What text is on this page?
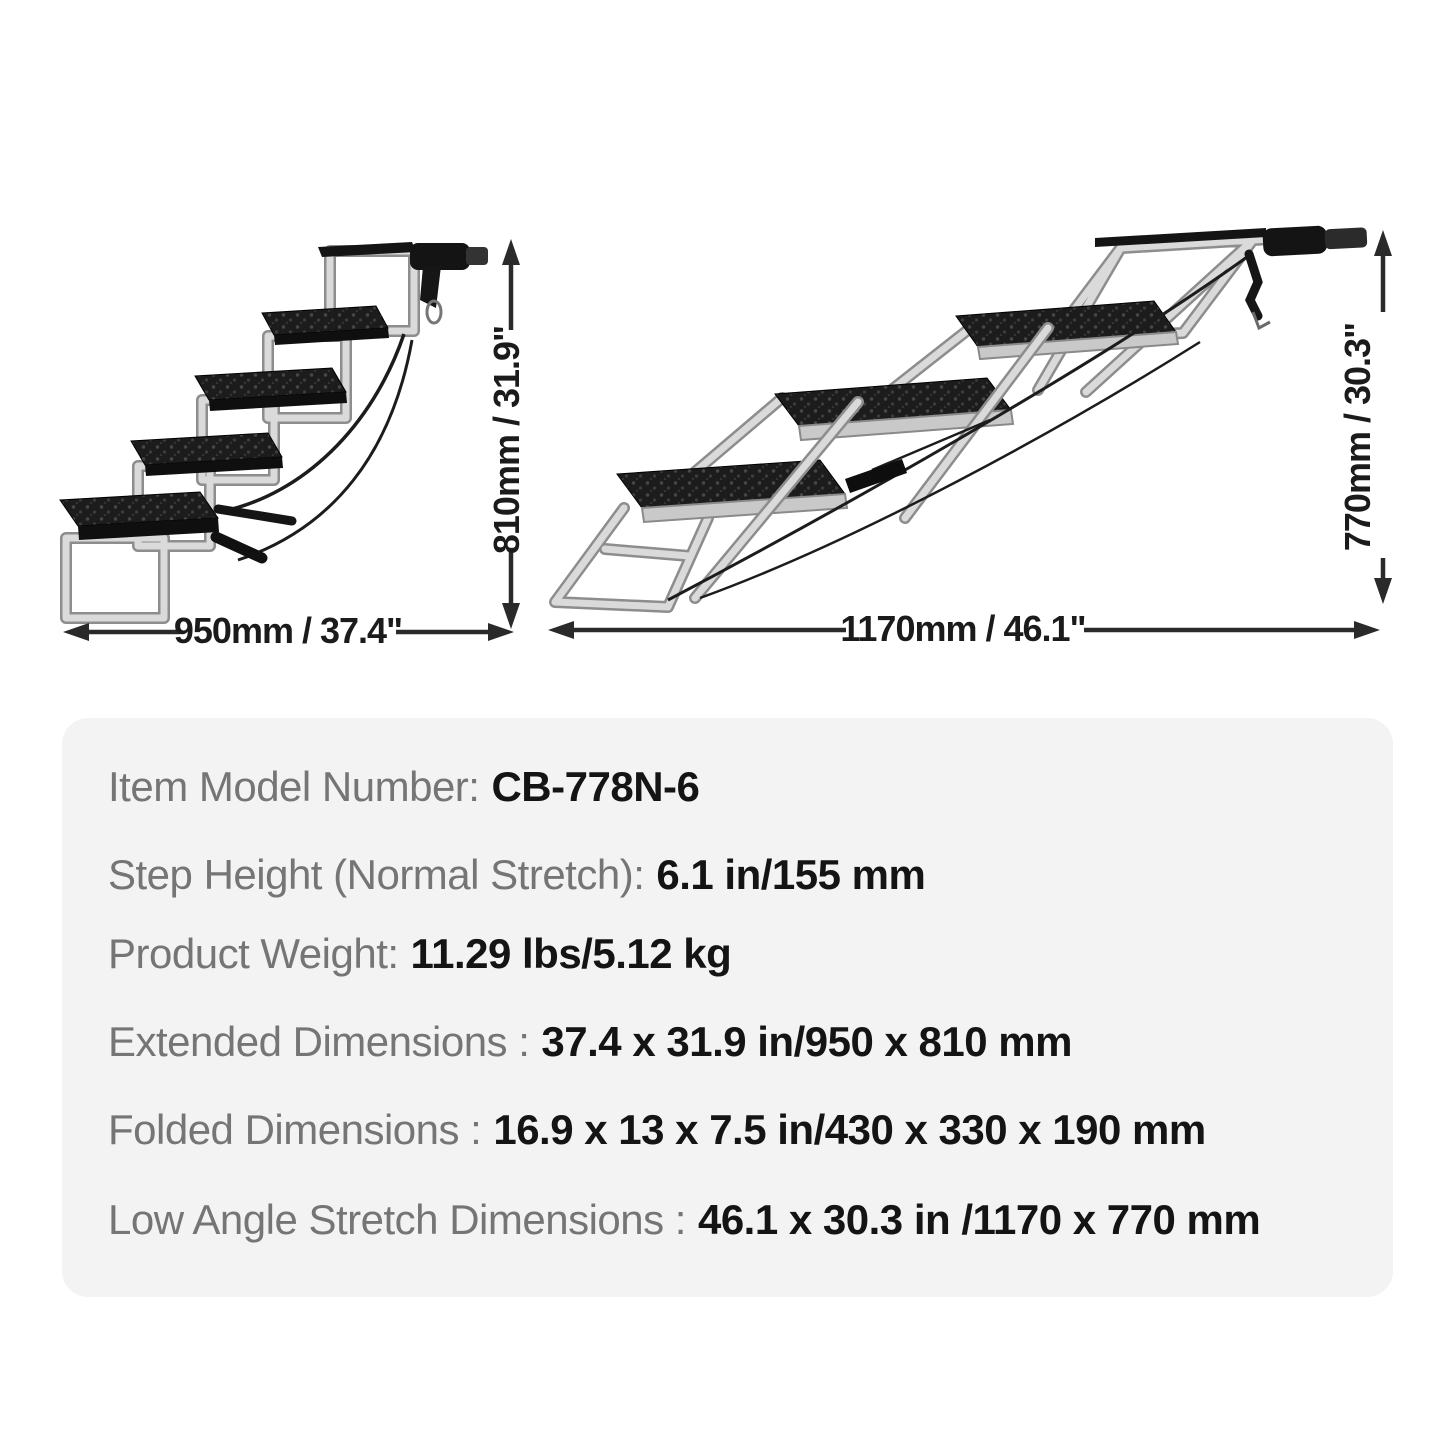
810mm / 31.9"
950mm / 37.4"
770mm / 30.3"
1170mm / 46.1"
Item Model Number: CB-778N-6
Step Height (Normal Stretch): 6.1 in/155 mm
Product Weight: 11.29 lbs/5.12 kg
Extended Dimensions : 37.4 x 31.9 in/950 x 810 mm
Folded Dimensions : 16.9 x 13 x 7.5 in/430 x 330 x 190 mm
Low Angle Stretch Dimensions : 46.1 x 30.3 in /1170 x 770 mm
